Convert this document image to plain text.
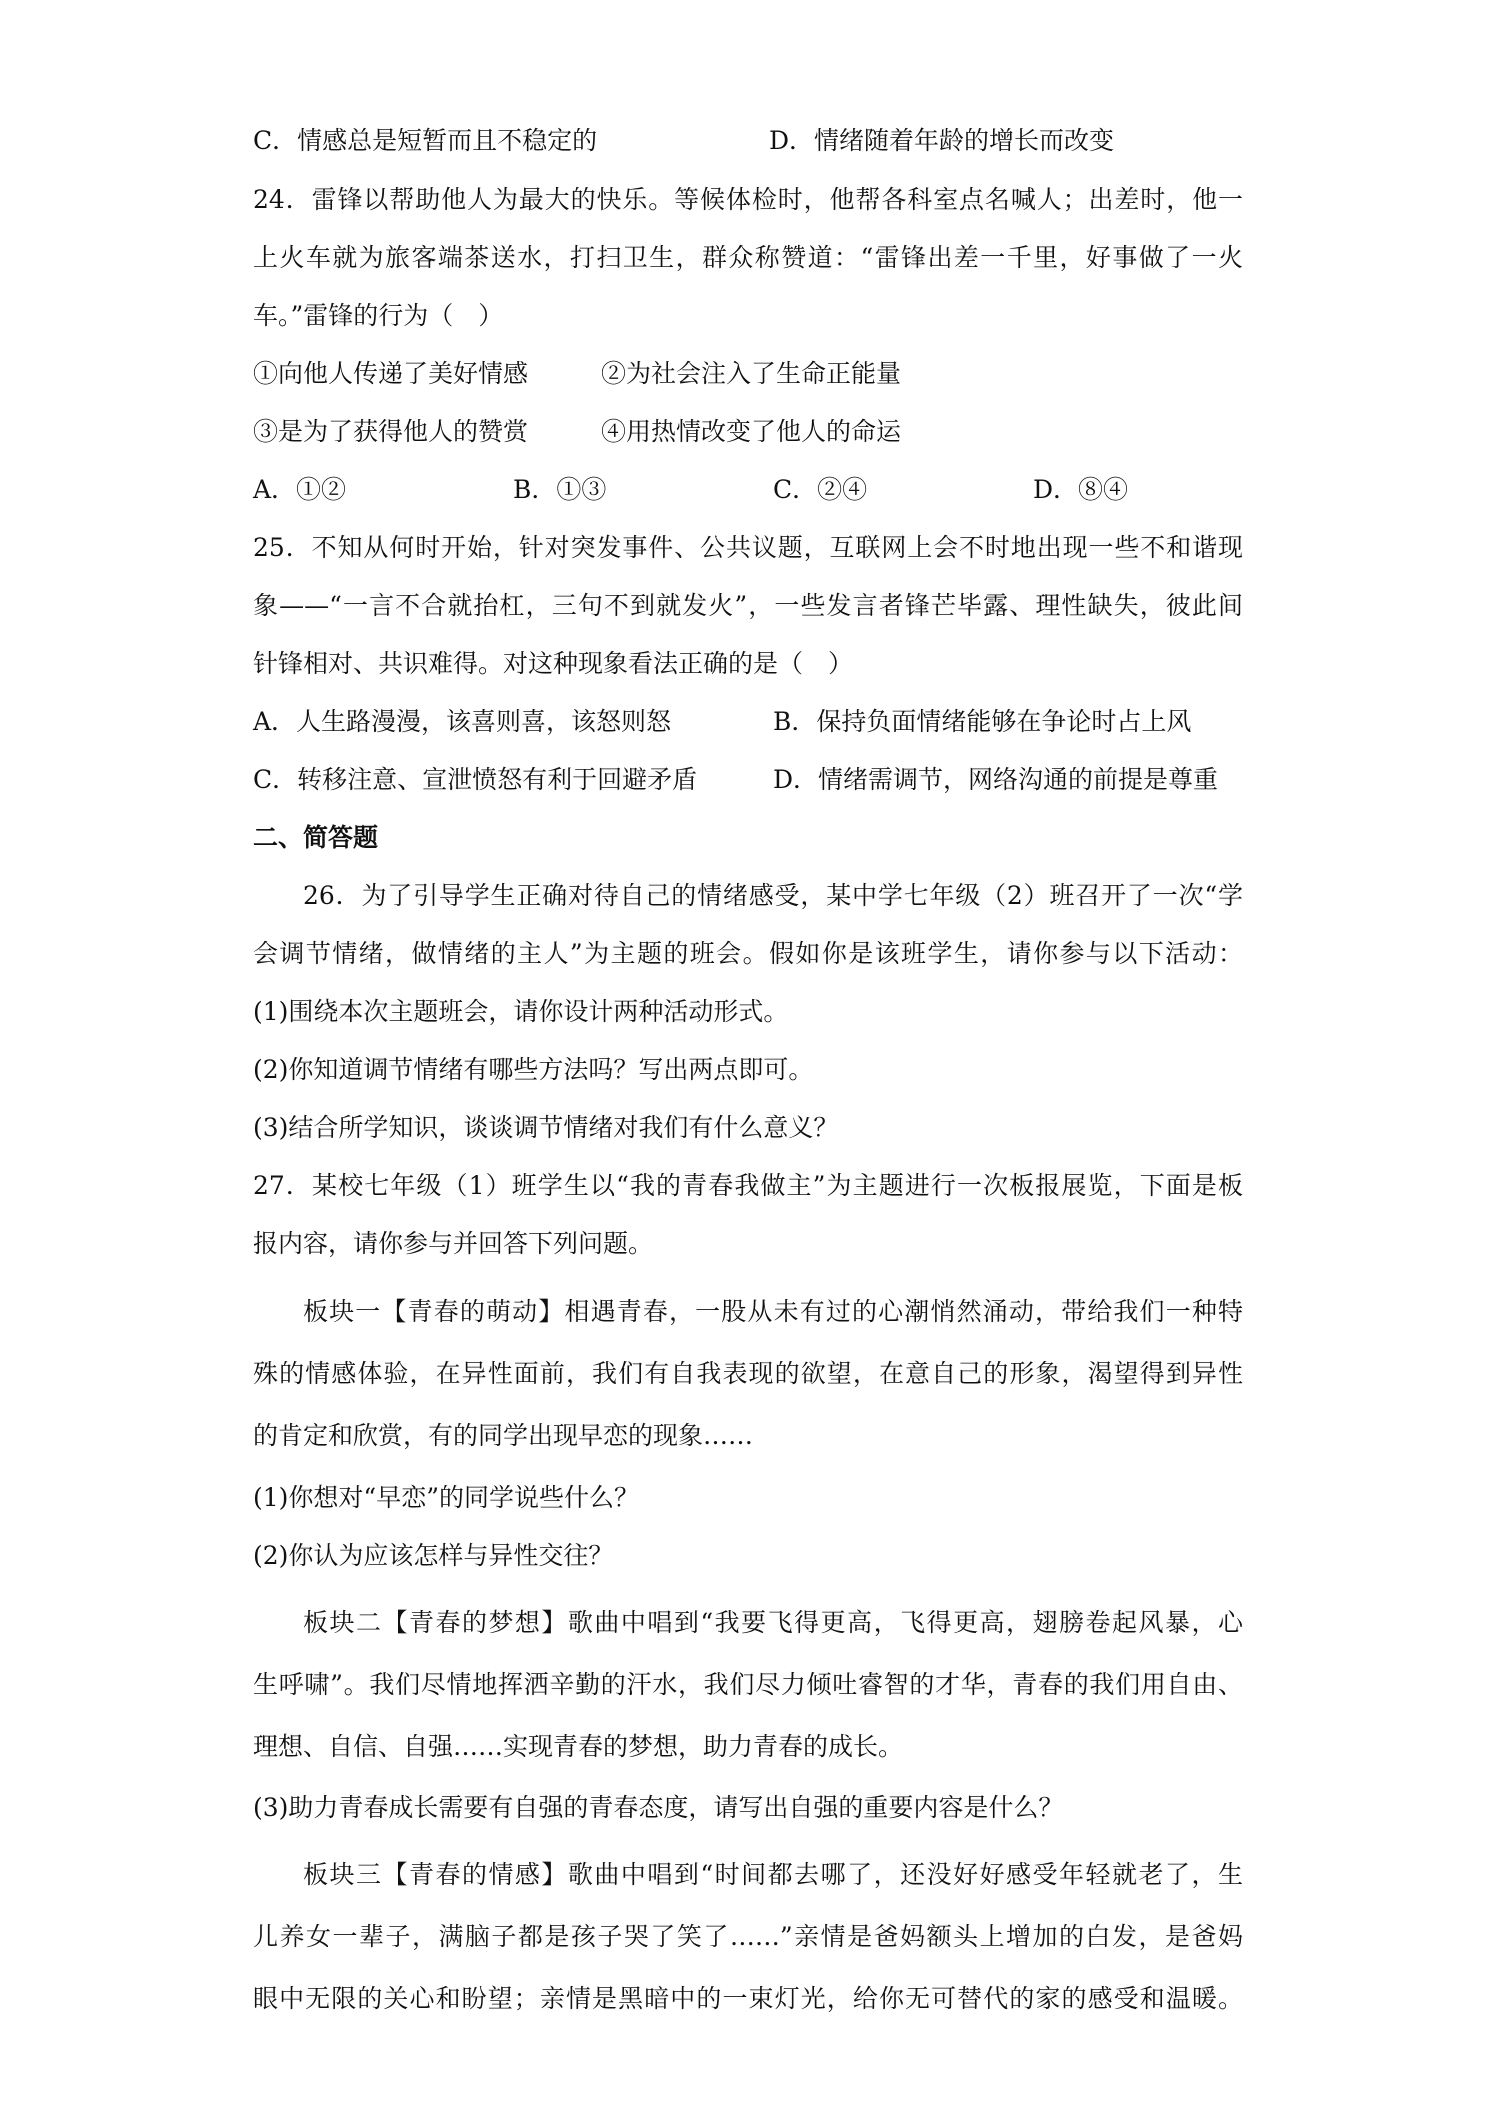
C．情感总是短暂而且不稳定的	D．情绪随着年龄的增长而改变
24．雷锋以帮助他人为最大的快乐。等候体检时，他帮各科室点名喊人；出差时，他一
上火车就为旅客端茶送水，打扫卫生，群众称赞道：“雷锋出差一千里，好事做了一火
车。”雷锋的行为（　）
①向他人传递了美好情感	②为社会注入了生命正能量
③是为了获得他人的赞赏	④用热情改变了他人的命运
A．①②	B．①③	C．②④	D．⑧④
25．不知从何时开始，针对突发事件、公共议题，互联网上会不时地出现一些不和谐现
象——“一言不合就抬杠，三句不到就发火”，一些发言者锋芒毕露、理性缺失，彼此间
针锋相对、共识难得。对这种现象看法正确的是（　）
A．人生路漫漫，该喜则喜，该怒则怒	B．保持负面情绪能够在争论时占上风
C．转移注意、宣泄愤怒有利于回避矛盾	D．情绪需调节，网络沟通的前提是尊重
二、简答题
26．为了引导学生正确对待自己的情绪感受，某中学七年级（2）班召开了一次“学
会调节情绪，做情绪的主人”为主题的班会。假如你是该班学生，请你参与以下活动：
(1)围绕本次主题班会，请你设计两种活动形式。
(2)你知道调节情绪有哪些方法吗？写出两点即可。
(3)结合所学知识，谈谈调节情绪对我们有什么意义？
27．某校七年级（1）班学生以“我的青春我做主”为主题进行一次板报展览，下面是板
报内容，请你参与并回答下列问题。
板块一【青春的萌动】相遇青春，一股从未有过的心潮悄然涌动，带给我们一种特
殊的情感体验，在异性面前，我们有自我表现的欲望，在意自己的形象，渴望得到异性
的肯定和欣赏，有的同学出现早恋的现象……
(1)你想对“早恋”的同学说些什么？
(2)你认为应该怎样与异性交往？
板块二【青春的梦想】歌曲中唱到“我要飞得更高，飞得更高，翅膀卷起风暴，心
生呼啸”。我们尽情地挥洒辛勤的汗水，我们尽力倾吐睿智的才华，青春的我们用自由、
理想、自信、自强……实现青春的梦想，助力青春的成长。
(3)助力青春成长需要有自强的青春态度，请写出自强的重要内容是什么？
板块三【青春的情感】歌曲中唱到“时间都去哪了，还没好好感受年轻就老了，生
儿养女一辈子，满脑子都是孩子哭了笑了……”亲情是爸妈额头上增加的白发，是爸妈
眼中无限的关心和盼望；亲情是黑暗中的一束灯光，给你无可替代的家的感受和温暖。
